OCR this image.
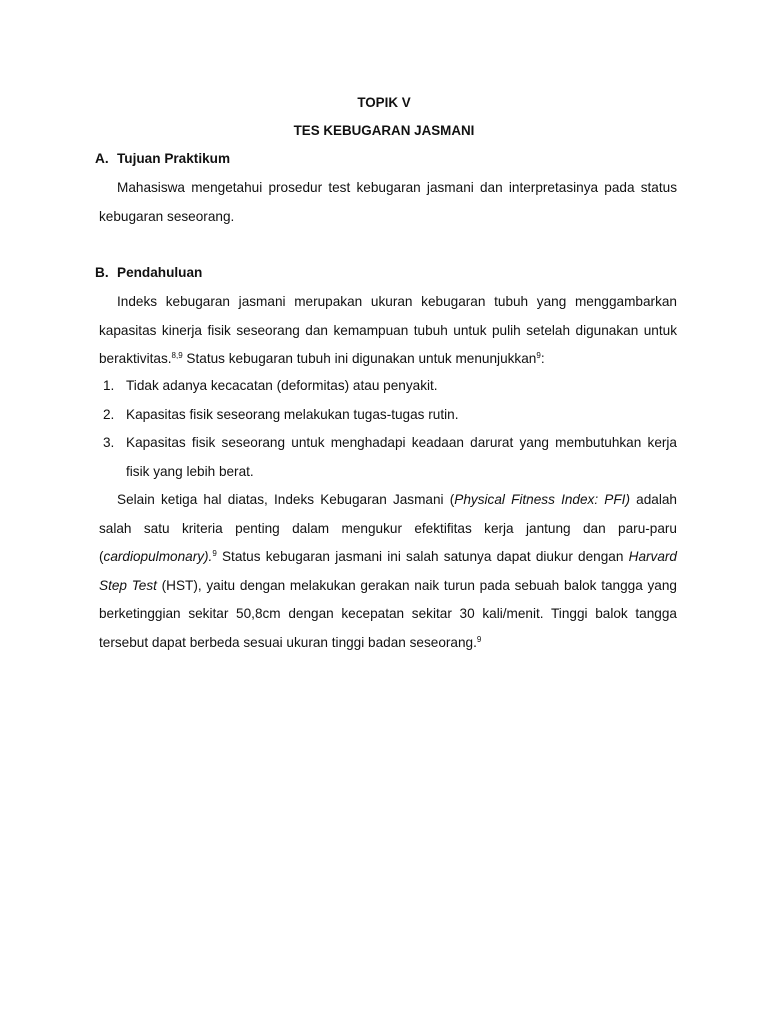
TOPIK V
TES KEBUGARAN JASMANI
A. Tujuan Praktikum
Mahasiswa mengetahui prosedur test kebugaran jasmani dan interpretasinya pada status kebugaran seseorang.
B. Pendahuluan
Indeks kebugaran jasmani merupakan ukuran kebugaran tubuh yang menggambarkan kapasitas kinerja fisik seseorang dan kemampuan tubuh untuk pulih setelah digunakan untuk beraktivitas.$^{8,9}$ Status kebugaran tubuh ini digunakan untuk menunjukkan$^9$:
1. Tidak adanya kecacatan (deformitas) atau penyakit.
2. Kapasitas fisik seseorang melakukan tugas-tugas rutin.
3. Kapasitas fisik seseorang untuk menghadapi keadaan darurat yang membutuhkan kerja fisik yang lebih berat.
Selain ketiga hal diatas, Indeks Kebugaran Jasmani (Physical Fitness Index: PFI) adalah salah satu kriteria penting dalam mengukur efektifitas kerja jantung dan paru-paru (cardiopulmonary).$^9$ Status kebugaran jasmani ini salah satunya dapat diukur dengan Harvard Step Test (HST), yaitu dengan melakukan gerakan naik turun pada sebuah balok tangga yang berketinggian sekitar 50,8cm dengan kecepatan sekitar 30 kali/menit. Tinggi balok tangga tersebut dapat berbeda sesuai ukuran tinggi badan seseorang.$^9$
